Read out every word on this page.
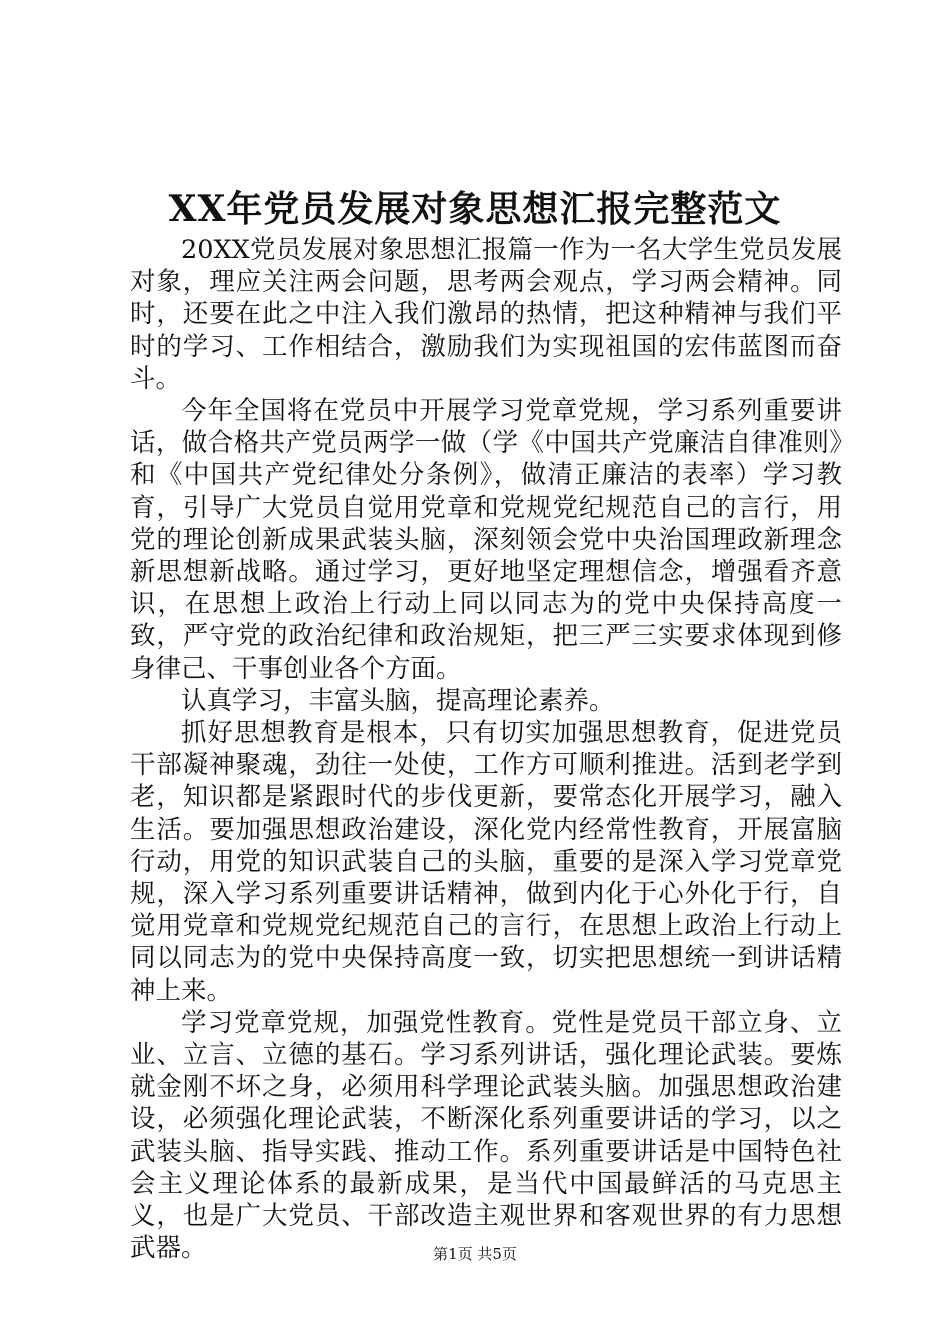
XX年党员发展对象思想汇报完整范文

20XX党员发展对象思想汇报篇一作为一名大学生党员发展对象，理应关注两会问题，思考两会观点，学习两会精神。同时，还要在此之中注入我们激昂的热情，把这种精神与我们平时的学习、工作相结合，激励我们为实现祖国的宏伟蓝图而奋斗。

今年全国将在党员中开展学习党章党规，学习系列重要讲话，做合格共产党员两学一做（学《中国共产党廉洁自律准则》和《中国共产党纪律处分条例》，做清正廉洁的表率）学习教育，引导广大党员自觉用党章和党规党纪规范自己的言行，用党的理论创新成果武装头脑，深刻领会党中央治国理政新理念新思想新战略。通过学习，更好地坚定理想信念，增强看齐意识，在思想上政治上行动上同以同志为的党中央保持高度一致，严守党的政治纪律和政治规矩，把三严三实要求体现到修身律己、干事创业各个方面。

认真学习，丰富头脑，提高理论素养。

抓好思想教育是根本，只有切实加强思想教育，促进党员干部凝神聚魂，劲往一处使，工作方可顺利推进。活到老学到老，知识都是紧跟时代的步伐更新，要常态化开展学习，融入生活。要加强思想政治建设，深化党内经常性教育，开展富脑行动，用党的知识武装自己的头脑，重要的是深入学习党章党规，深入学习系列重要讲话精神，做到内化于心外化于行，自觉用党章和党规党纪规范自己的言行，在思想上政治上行动上同以同志为的党中央保持高度一致，切实把思想统一到讲话精神上来。

学习党章党规，加强党性教育。党性是党员干部立身、立业、立言、立德的基石。学习系列讲话，强化理论武装。要炼就金刚不坏之身，必须用科学理论武装头脑。加强思想政治建设，必须强化理论武装，不断深化系列重要讲话的学习，以之武装头脑、指导实践、推动工作。系列重要讲话是中国特色社会主义理论体系的最新成果，是当代中国最鲜活的马克思主义，也是广大党员、干部改造主观世界和客观世界的有力思想武器。	第1页 共5页
